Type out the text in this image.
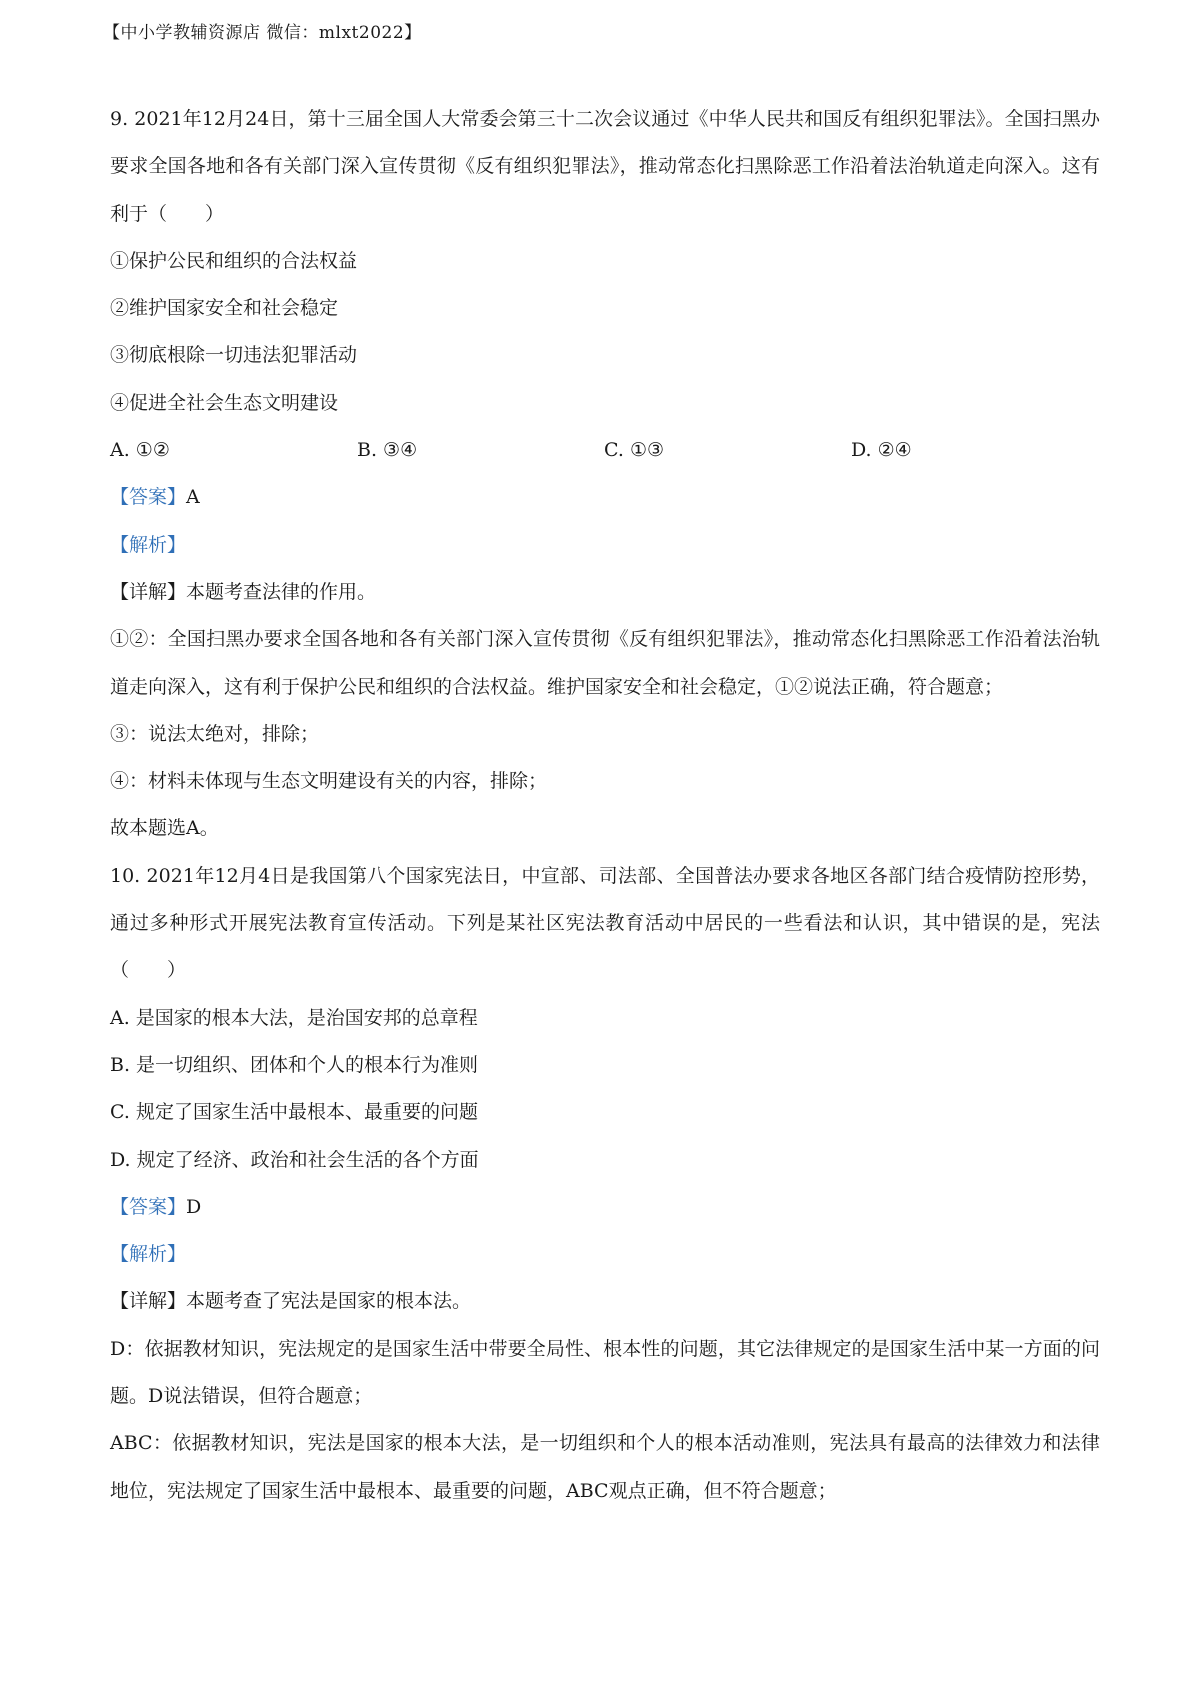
【中小学教辅资源店 微信：mlxt2022】

9. 2021年12月24日，第十三届全国人大常委会第三十二次会议通过《中华人民共和国反有组织犯罪法》。全国扫黑办要求全国各地和各有关部门深入宣传贯彻《反有组织犯罪法》，推动常态化扫黑除恶工作沿着法治轨道走向深入。这有利于（　　）

①保护公民和组织的合法权益

②维护国家安全和社会稳定

③彻底根除一切违法犯罪活动

④促进全社会生态文明建设

A. ①②	B. ③④	C. ①③	D. ②④

【答案】A

【解析】

【详解】本题考查法律的作用。

①②：全国扫黑办要求全国各地和各有关部门深入宣传贯彻《反有组织犯罪法》，推动常态化扫黑除恶工作沿着法治轨道走向深入，这有利于保护公民和组织的合法权益。维护国家安全和社会稳定，①②说法正确，符合题意；

③：说法太绝对，排除；

④：材料未体现与生态文明建设有关的内容，排除；

故本题选A。

10. 2021年12月4日是我国第八个国家宪法日，中宣部、司法部、全国普法办要求各地区各部门结合疫情防控形势，通过多种形式开展宪法教育宣传活动。下列是某社区宪法教育活动中居民的一些看法和认识，其中错误的是，宪法（　　）

A. 是国家的根本大法，是治国安邦的总章程

B. 是一切组织、团体和个人的根本行为准则

C. 规定了国家生活中最根本、最重要的问题

D. 规定了经济、政治和社会生活的各个方面

【答案】D

【解析】

【详解】本题考查了宪法是国家的根本法。

D：依据教材知识，宪法规定的是国家生活中带要全局性、根本性的问题，其它法律规定的是国家生活中某一方面的问题。D说法错误，但符合题意；

ABC：依据教材知识，宪法是国家的根本大法，是一切组织和个人的根本活动准则，宪法具有最高的法律效力和法律地位，宪法规定了国家生活中最根本、最重要的问题，ABC观点正确，但不符合题意；
